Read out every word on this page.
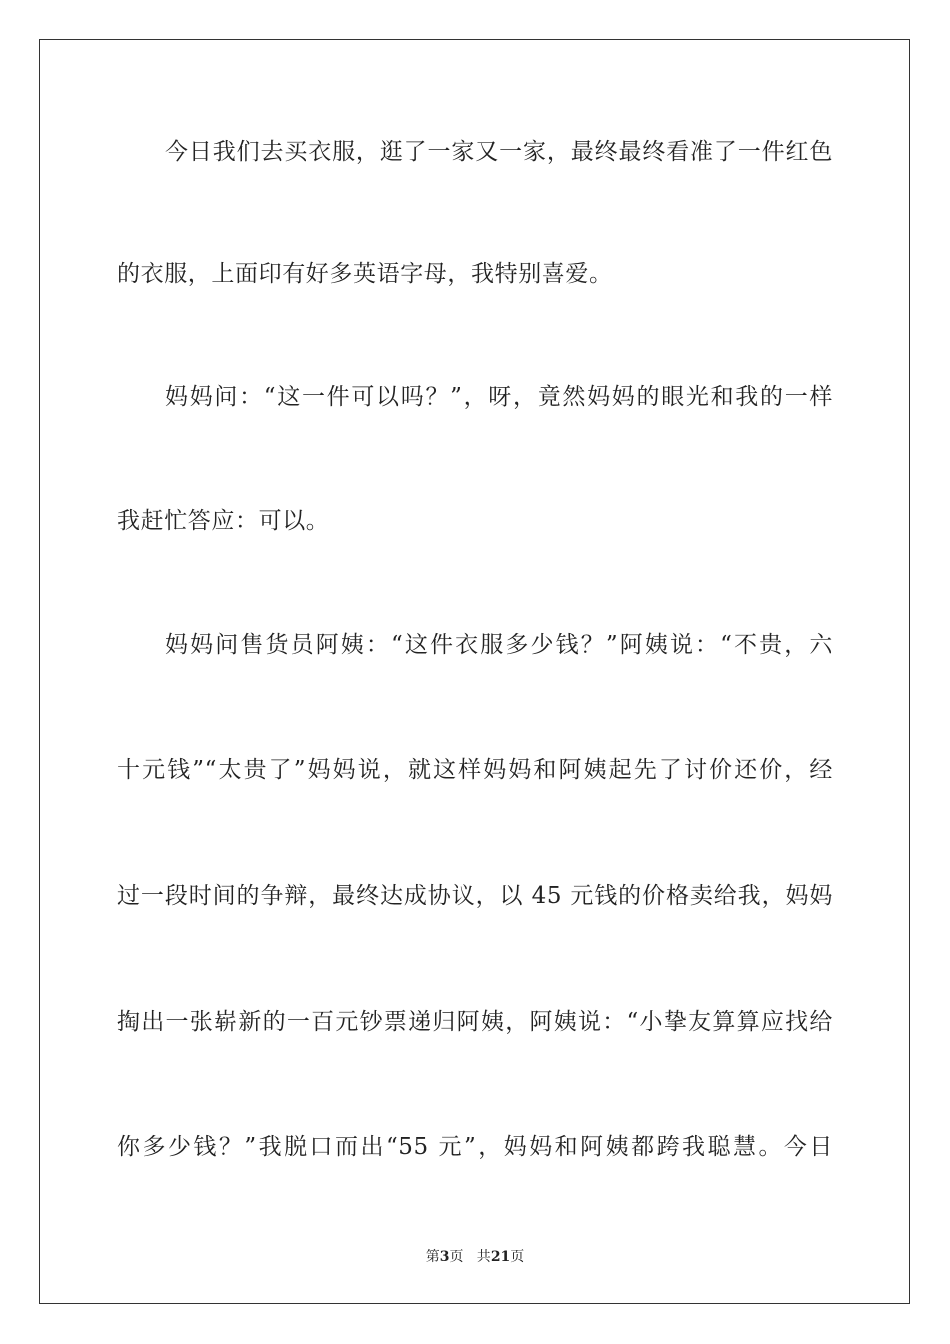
今日我们去买衣服，逛了一家又一家，最终最终看准了一件红色
的衣服，上面印有好多英语字母，我特别喜爱。
妈妈问：“这一件可以吗？”，呀，竟然妈妈的眼光和我的一样
我赶忙答应：可以。
妈妈问售货员阿姨：“这件衣服多少钱？”阿姨说：“不贵，六
十元钱”“太贵了”妈妈说，就这样妈妈和阿姨起先了讨价还价，经
过一段时间的争辩，最终达成协议，以 45 元钱的价格卖给我，妈妈
掏出一张崭新的一百元钞票递归阿姨，阿姨说：“小挚友算算应找给
你多少钱？”我脱口而出“55 元”，妈妈和阿姨都跨我聪慧。今日
第3页   共21页
